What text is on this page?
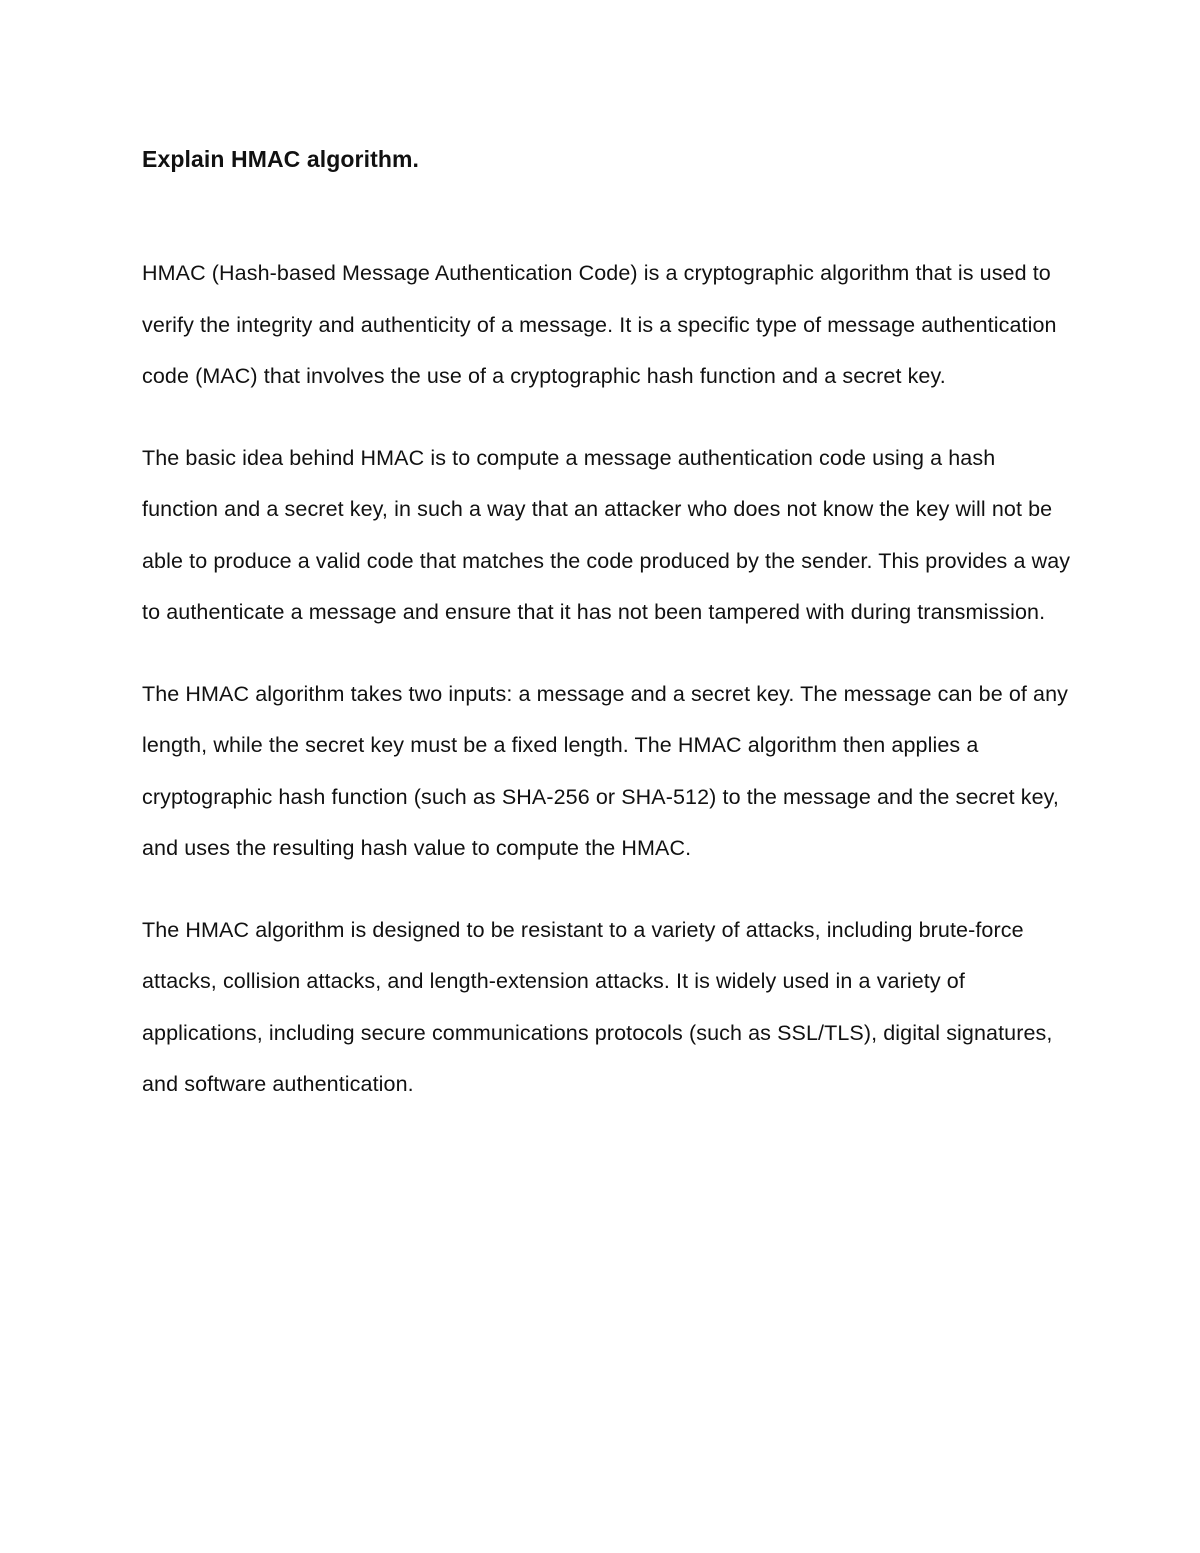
Explain HMAC algorithm.

HMAC (Hash-based Message Authentication Code) is a cryptographic algorithm that is used to verify the integrity and authenticity of a message. It is a specific type of message authentication code (MAC) that involves the use of a cryptographic hash function and a secret key.

The basic idea behind HMAC is to compute a message authentication code using a hash function and a secret key, in such a way that an attacker who does not know the key will not be able to produce a valid code that matches the code produced by the sender. This provides a way to authenticate a message and ensure that it has not been tampered with during transmission.

The HMAC algorithm takes two inputs: a message and a secret key. The message can be of any length, while the secret key must be a fixed length. The HMAC algorithm then applies a cryptographic hash function (such as SHA-256 or SHA-512) to the message and the secret key, and uses the resulting hash value to compute the HMAC.

The HMAC algorithm is designed to be resistant to a variety of attacks, including brute-force attacks, collision attacks, and length-extension attacks. It is widely used in a variety of applications, including secure communications protocols (such as SSL/TLS), digital signatures, and software authentication.
